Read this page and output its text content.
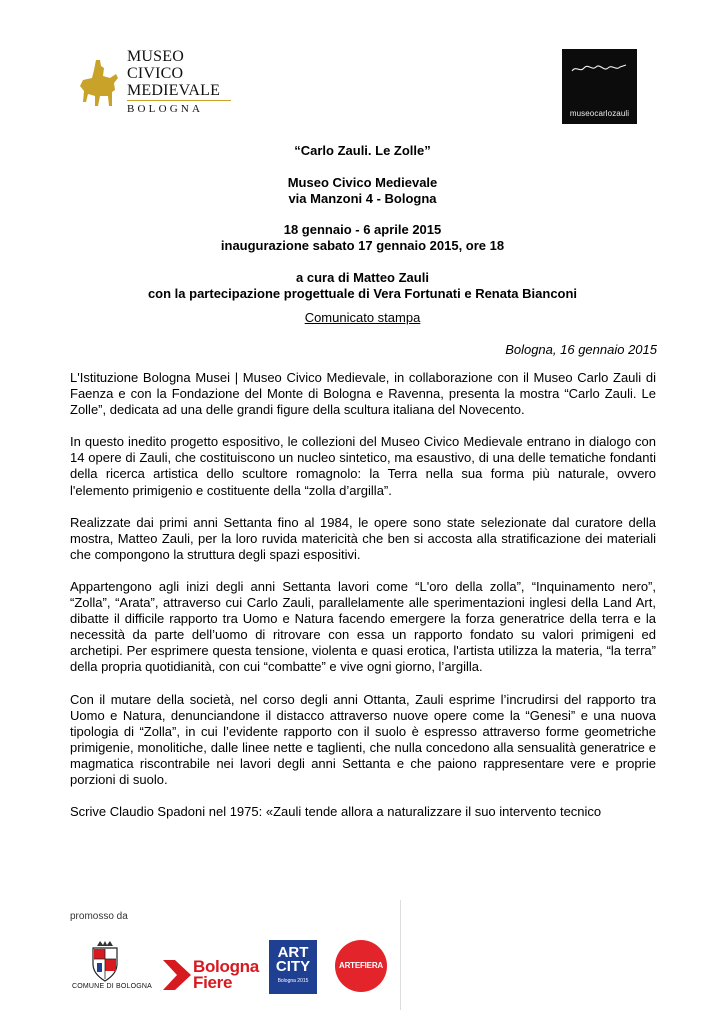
MUSEO
CIVICO
MEDIEVALE
BOLOGNA	museocarlozauli
“Carlo Zauli. Le Zolle”
Museo Civico Medievale
via Manzoni 4 - Bologna
18 gennaio - 6 aprile 2015
inaugurazione sabato 17 gennaio 2015, ore 18
a cura di Matteo Zauli
con la partecipazione progettuale di Vera Fortunati e Renata Bianconi
Comunicato stampa
Bologna, 16 gennaio 2015

L'Istituzione Bologna Musei | Museo Civico Medievale, in collaborazione con il Museo Carlo Zauli di Faenza e con la Fondazione del Monte di Bologna e Ravenna, presenta la mostra “Carlo Zauli. Le Zolle”, dedicata ad una delle grandi figure della scultura italiana del Novecento.

In questo inedito progetto espositivo, le collezioni del Museo Civico Medievale entrano in dialogo con 14 opere di Zauli, che costituiscono un nucleo sintetico, ma esaustivo, di una delle tematiche fondanti della ricerca artistica dello scultore romagnolo: la Terra nella sua forma più naturale, ovvero l'elemento primigenio e costituente della “zolla d’argilla”.

Realizzate dai primi anni Settanta fino al 1984, le opere sono state selezionate dal curatore della mostra, Matteo Zauli, per la loro ruvida matericità che ben si accosta alla stratificazione dei materiali che compongono la struttura degli spazi espositivi.

Appartengono agli inizi degli anni Settanta lavori come “L'oro della zolla”, “Inquinamento nero”, “Zolla”, “Arata”, attraverso cui Carlo Zauli, parallelamente alle sperimentazioni inglesi della Land Art, dibatte il difficile rapporto tra Uomo e Natura facendo emergere la forza generatrice della terra e la necessità da parte dell’uomo di ritrovare con essa un rapporto fondato su valori primigeni ed archetipi. Per esprimere questa tensione, violenta e quasi erotica, l'artista utilizza la materia, “la terra” della propria quotidianità, con cui “combatte” e vive ogni giorno, l’argilla.

Con il mutare della società, nel corso degli anni Ottanta, Zauli esprime l’incrudirsi del rapporto tra Uomo e Natura, denunciandone il distacco attraverso nuove opere come la “Genesi” e una nuova tipologia di “Zolla”, in cui l’evidente rapporto con il suolo è espresso attraverso forme geometriche primigenie, monolitiche, dalle linee nette e taglienti, che nulla concedono alla sensualità generatrice e magmatica riscontrabile nei lavori degli anni Settanta e che paiono rappresentare vere e proprie porzioni di suolo.

Scrive Claudio Spadoni nel 1975: «Zauli tende allora a naturalizzare il suo intervento tecnico

promosso da
COMUNE DI BOLOGNA
Bologna
Fiere
ART
CITY
Bologna 2015
ARTEFIERA
